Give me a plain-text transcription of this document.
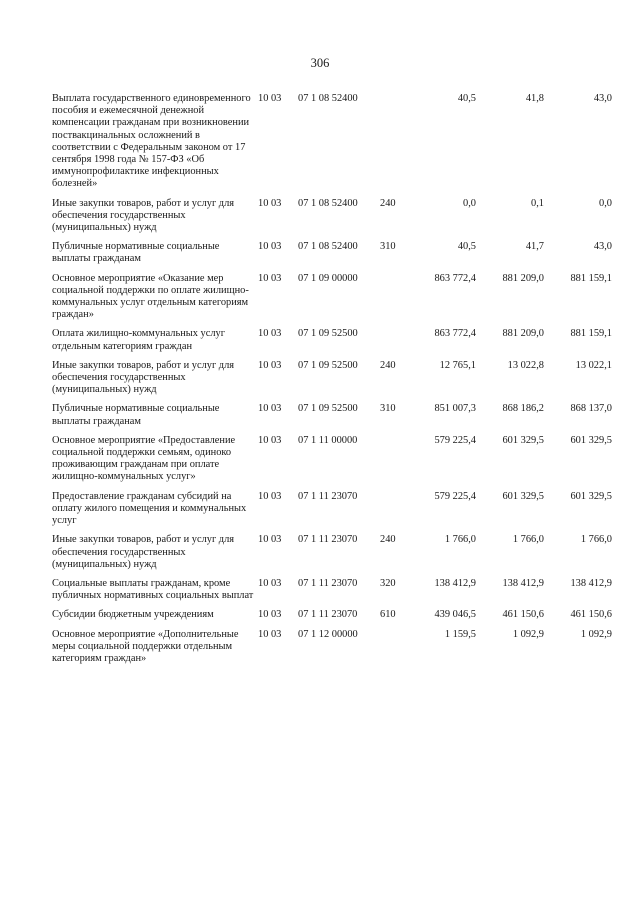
306
Выплата государственного единовременного пособия и ежемесячной денежной компенсации гражданам при возникновении поствакцинальных осложнений в соответствии с Федеральным законом от 17 сентября 1998 года № 157-ФЗ «Об иммунопрофилактике инфекционных болезней»	10 03	07 1 08 52400		40,5	41,8	43,0
Иные закупки товаров, работ и услуг для обеспечения государственных (муниципальных) нужд	10 03	07 1 08 52400	240	0,0	0,1	0,0
Публичные нормативные социальные выплаты гражданам	10 03	07 1 08 52400	310	40,5	41,7	43,0
Основное мероприятие «Оказание мер социальной поддержки по оплате жилищно-коммунальных услуг отдельным категориям граждан»	10 03	07 1 09 00000		863 772,4	881 209,0	881 159,1
Оплата жилищно-коммунальных услуг отдельным категориям граждан	10 03	07 1 09 52500		863 772,4	881 209,0	881 159,1
Иные закупки товаров, работ и услуг для обеспечения государственных (муниципальных) нужд	10 03	07 1 09 52500	240	12 765,1	13 022,8	13 022,1
Публичные нормативные социальные выплаты гражданам	10 03	07 1 09 52500	310	851 007,3	868 186,2	868 137,0
Основное мероприятие «Предоставление социальной поддержки семьям, одиноко проживающим гражданам при оплате жилищно-коммунальных услуг»	10 03	07 1 11 00000		579 225,4	601 329,5	601 329,5
Предоставление гражданам субсидий на оплату жилого помещения и коммунальных услуг	10 03	07 1 11 23070		579 225,4	601 329,5	601 329,5
Иные закупки товаров, работ и услуг для обеспечения государственных (муниципальных) нужд	10 03	07 1 11 23070	240	1 766,0	1 766,0	1 766,0
Социальные выплаты гражданам, кроме публичных нормативных социальных выплат	10 03	07 1 11 23070	320	138 412,9	138 412,9	138 412,9
Субсидии бюджетным учреждениям	10 03	07 1 11 23070	610	439 046,5	461 150,6	461 150,6
Основное мероприятие «Дополнительные меры социальной поддержки отдельным категориям граждан»	10 03	07 1 12 00000		1 159,5	1 092,9	1 092,9
